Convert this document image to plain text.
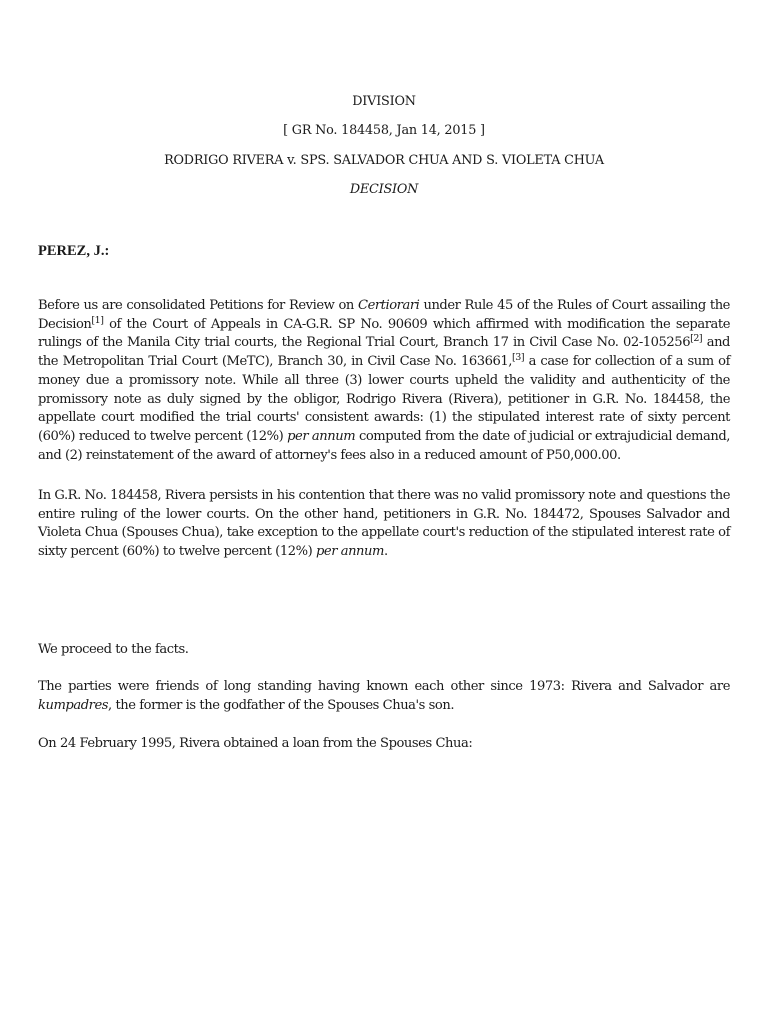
DIVISION
[ GR No. 184458, Jan 14, 2015 ]
RODRIGO RIVERA v. SPS. SALVADOR CHUA AND S. VIOLETA CHUA
DECISION
PEREZ, J.:

Before us are consolidated Petitions for Review on Certiorari under Rule 45 of the Rules of Court assailing the Decision[1] of the Court of Appeals in CA-G.R. SP No. 90609 which affirmed with modification the separate rulings of the Manila City trial courts, the Regional Trial Court, Branch 17 in Civil Case No. 02-105256[2] and the Metropolitan Trial Court (MeTC), Branch 30, in Civil Case No. 163661,[3] a case for collection of a sum of money due a promissory note. While all three (3) lower courts upheld the validity and authenticity of the promissory note as duly signed by the obligor, Rodrigo Rivera (Rivera), petitioner in G.R. No. 184458, the appellate court modified the trial courts' consistent awards: (1) the stipulated interest rate of sixty percent (60%) reduced to twelve percent (12%) per annum computed from the date of judicial or extrajudicial demand, and (2) reinstatement of the award of attorney's fees also in a reduced amount of P50,000.00.

In G.R. No. 184458, Rivera persists in his contention that there was no valid promissory note and questions the entire ruling of the lower courts. On the other hand, petitioners in G.R. No. 184472, Spouses Salvador and Violeta Chua (Spouses Chua), take exception to the appellate court's reduction of the stipulated interest rate of sixty percent (60%) to twelve percent (12%) per annum.

We proceed to the facts.

The parties were friends of long standing having known each other since 1973: Rivera and Salvador are kumpadres, the former is the godfather of the Spouses Chua's son.

On 24 February 1995, Rivera obtained a loan from the Spouses Chua:
